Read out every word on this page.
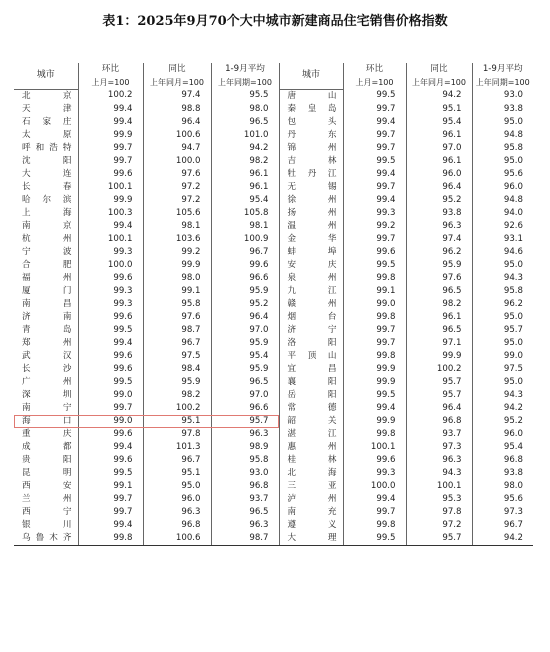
表1：2025年9月70个大中城市新建商品住宅销售价格指数
城市	环比	同比	1-9月平均	城市	环比	同比	1-9月平均
	上月=100	上年同月=100	上年同期=100		上月=100	上年同月=100	上年同期=100
北京	100.2	97.4	95.5	唐山	99.5	94.2	93.0
天津	99.4	98.8	98.0	秦皇岛	99.7	95.1	93.8
石家庄	99.4	96.4	96.5	包头	99.4	95.4	95.0
太原	99.9	100.6	101.0	丹东	99.7	96.1	94.8
呼和浩特	99.7	94.7	94.2	锦州	99.7	97.0	95.8
沈阳	99.7	100.0	98.2	吉林	99.5	96.1	95.0
大连	99.6	97.6	96.1	牡丹江	99.4	96.0	95.6
长春	100.1	97.2	96.1	无锡	99.7	96.4	96.0
哈尔滨	99.9	97.2	95.4	徐州	99.4	95.2	94.8
上海	100.3	105.6	105.8	扬州	99.3	93.8	94.0
南京	99.4	98.1	98.1	温州	99.2	96.3	92.6
杭州	100.1	103.6	100.9	金华	99.7	97.4	93.1
宁波	99.3	99.2	96.7	蚌埠	99.6	96.2	94.6
合肥	100.0	99.9	99.6	安庆	99.5	95.9	95.0
福州	99.6	98.0	96.6	泉州	99.8	97.6	94.3
厦门	99.3	99.1	95.9	九江	99.1	96.5	95.8
南昌	99.3	95.8	95.2	赣州	99.0	98.2	96.2
济南	99.6	97.6	96.4	烟台	99.8	96.1	95.0
青岛	99.5	98.7	97.0	济宁	99.7	96.5	95.7
郑州	99.4	96.7	95.9	洛阳	99.7	97.1	95.0
武汉	99.6	97.5	95.4	平顶山	99.8	99.9	99.0
长沙	99.6	98.4	95.9	宜昌	99.9	100.2	97.5
广州	99.5	95.9	96.5	襄阳	99.9	95.7	95.0
深圳	99.0	98.2	97.0	岳阳	99.5	95.7	94.3
南宁	99.7	100.2	96.6	常德	99.4	96.4	94.2
海口	99.0	95.1	95.7	韶关	99.9	96.8	95.2
重庆	99.6	97.8	96.3	湛江	99.8	93.7	96.0
成都	99.4	101.3	98.9	惠州	100.1	97.3	95.4
贵阳	99.6	96.7	95.8	桂林	99.6	96.3	96.8
昆明	99.5	95.1	93.0	北海	99.3	94.3	93.8
西安	99.1	95.0	96.8	三亚	100.0	100.1	98.0
兰州	99.7	96.0	93.7	泸州	99.4	95.3	95.6
西宁	99.7	96.3	96.5	南充	99.7	97.8	97.3
银川	99.4	96.8	96.3	遵义	99.8	97.2	96.7
乌鲁木齐	99.8	100.6	98.7	大理	99.5	95.7	94.2
